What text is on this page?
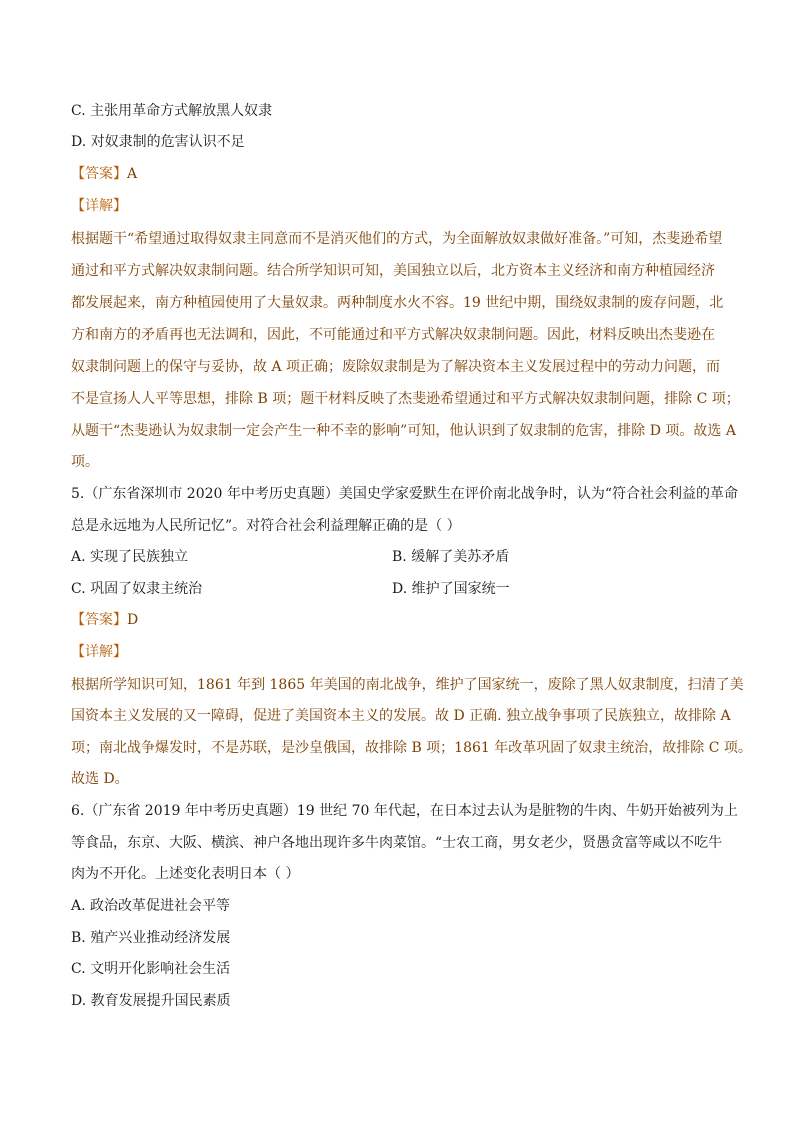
C. 主张用革命方式解放黑人奴隶
D. 对奴隶制的危害认识不足
【答案】A
【详解】
根据题干“希望通过取得奴隶主同意而不是消灭他们的方式，为全面解放奴隶做好准备。”可知，杰斐逊希望
通过和平方式解决奴隶制问题。结合所学知识可知，美国独立以后，北方资本主义经济和南方种植园经济
都发展起来，南方种植园使用了大量奴隶。两种制度水火不容。19 世纪中期，围绕奴隶制的废存问题，北
方和南方的矛盾再也无法调和，因此，不可能通过和平方式解决奴隶制问题。因此，材料反映出杰斐逊在
奴隶制问题上的保守与妥协，故 A 项正确；废除奴隶制是为了解决资本主义发展过程中的劳动力问题，而
不是宣扬人人平等思想，排除 B 项；题干材料反映了杰斐逊希望通过和平方式解决奴隶制问题，排除 C 项；
从题干“杰斐逊认为奴隶制一定会产生一种不幸的影响”可知，他认识到了奴隶制的危害，排除 D 项。故选 A
项。
5.（广东省深圳市 2020 年中考历史真题）美国史学家爱默生在评价南北战争时，认为“符合社会利益的革命
总是永远地为人民所记忆”。对符合社会利益理解正确的是（ ）
A. 实现了民族独立	B. 缓解了美苏矛盾
C. 巩固了奴隶主统治	D. 维护了国家统一
【答案】D
【详解】
根据所学知识可知，1861 年到 1865 年美国的南北战争，维护了国家统一，废除了黑人奴隶制度，扫清了美
国资本主义发展的又一障碍，促进了美国资本主义的发展。故 D 正确. 独立战争事项了民族独立，故排除 A
项；南北战争爆发时，不是苏联，是沙皇俄国，故排除 B 项；1861 年改革巩固了奴隶主统治，故排除 C 项。
故选 D。
6.（广东省 2019 年中考历史真题）19 世纪 70 年代起，在日本过去认为是脏物的牛肉、牛奶开始被列为上
等食品，东京、大阪、横滨、神户各地出现许多牛肉菜馆。“士农工商，男女老少，贤愚贪富等咸以不吃牛
肉为不开化。上述变化表明日本（ ）
A. 政治改革促进社会平等
B. 殖产兴业推动经济发展
C. 文明开化影响社会生活
D. 教育发展提升国民素质
